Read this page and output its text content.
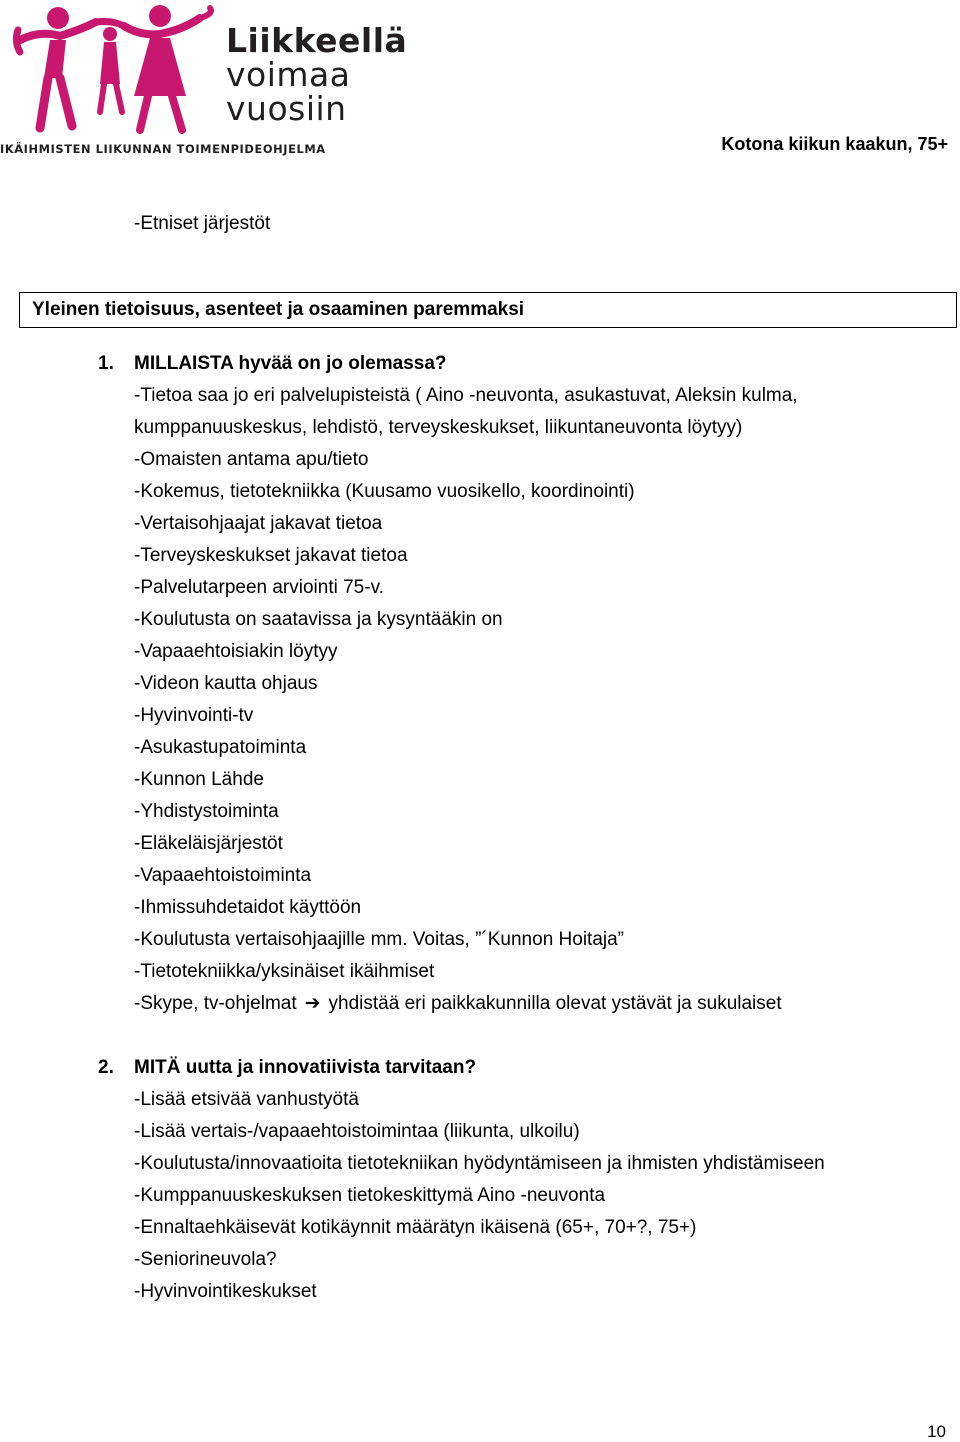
Liikkeellä
voimaa
vuosiin
IKÄIHMISTEN LIIKUNNAN TOIMENPIDEOHJELMA	Kotona kiikun kaakun, 75+
-Etniset järjestöt
Yleinen tietoisuus, asenteet ja osaaminen paremmaksi
1. MILLAISTA hyvää on jo olemassa?
-Tietoa saa jo eri palvelupisteistä ( Aino -neuvonta, asukastuvat, Aleksin kulma,
kumppanuuskeskus, lehdistö, terveyskeskukset, liikuntaneuvonta löytyy)
-Omaisten antama apu/tieto
-Kokemus, tietotekniikka (Kuusamo vuosikello, koordinointi)
-Vertaisohjaajat jakavat tietoa
-Terveyskeskukset jakavat tietoa
-Palvelutarpeen arviointi 75-v.
-Koulutusta on saatavissa ja kysyntääkin on
-Vapaaehtoisiakin löytyy
-Videon kautta ohjaus
-Hyvinvointi-tv
-Asukastupatoiminta
-Kunnon Lähde
-Yhdistystoiminta
-Eläkeläisjärjestöt
-Vapaaehtoistoiminta
-Ihmissuhdetaidot käyttöön
-Koulutusta vertaisohjaajille mm. Voitas, ”´Kunnon Hoitaja”
-Tietotekniikka/yksinäiset ikäihmiset
-Skype, tv-ohjelmat ➔ yhdistää eri paikkakunnilla olevat ystävät ja sukulaiset
2. MITÄ uutta ja innovatiivista tarvitaan?
-Lisää etsivää vanhustyötä
-Lisää vertais-/vapaaehtoistoimintaa (liikunta, ulkoilu)
-Koulutusta/innovaatioita tietotekniikan hyödyntämiseen ja ihmisten yhdistämiseen
-Kumppanuuskeskuksen tietokeskittymä Aino -neuvonta
-Ennaltaehkäisevät kotikäynnit määrätyn ikäisenä (65+, 70+?, 75+)
-Seniorineuvola?
-Hyvinvointikeskukset
10
